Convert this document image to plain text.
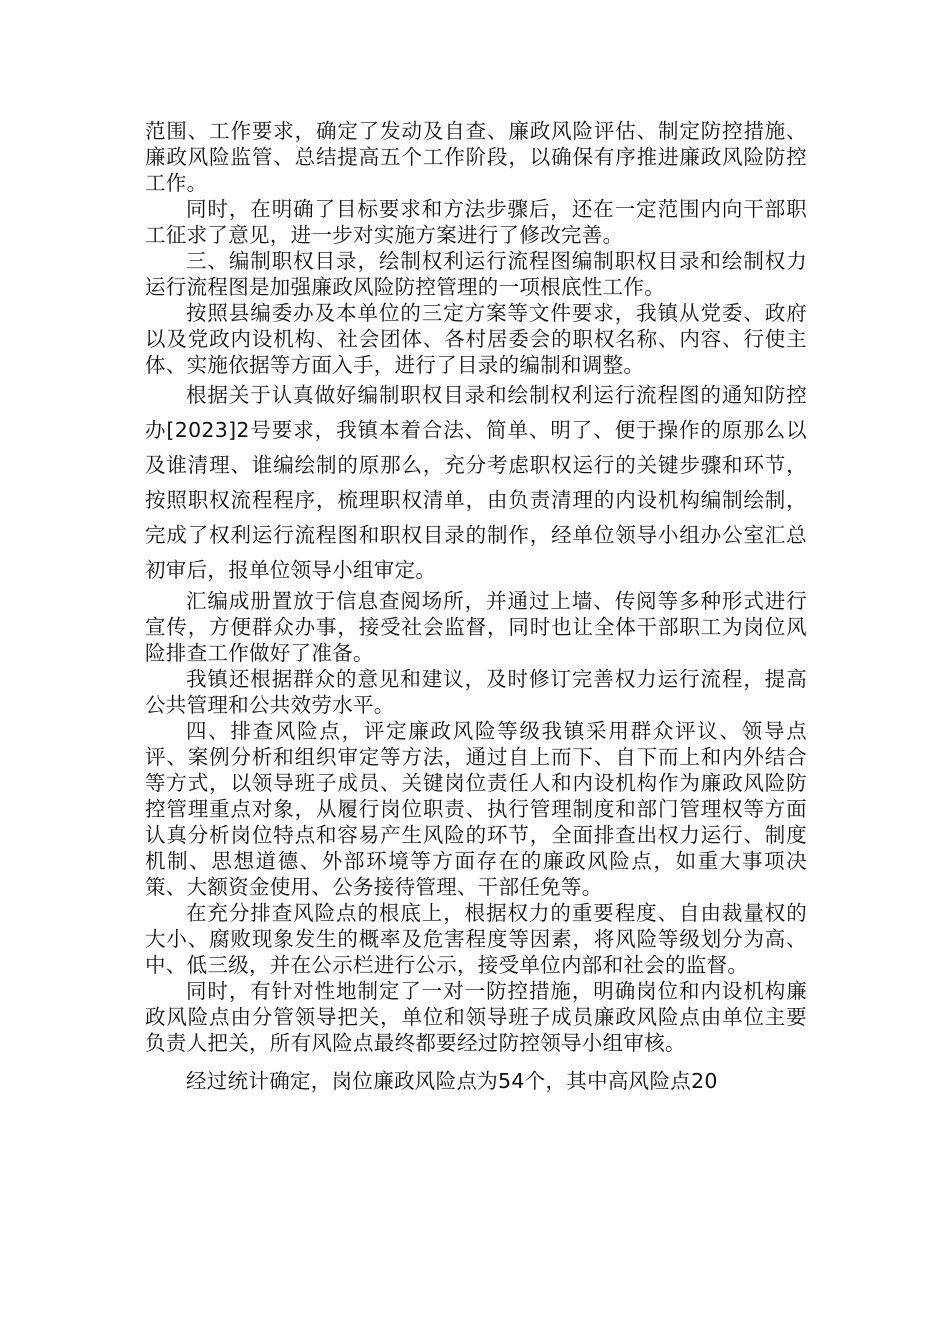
范围、工作要求，确定了发动及自查、廉政风险评估、制定防控措施、廉政风险监管、总结提高五个工作阶段，以确保有序推进廉政风险防控工作。

同时，在明确了目标要求和方法步骤后，还在一定范围内向干部职工征求了意见，进一步对实施方案进行了修改完善。

三、编制职权目录，绘制权利运行流程图编制职权目录和绘制权力运行流程图是加强廉政风险防控管理的一项根底性工作。

按照县编委办及本单位的三定方案等文件要求，我镇从党委、政府以及党政内设机构、社会团体、各村居委会的职权名称、内容、行使主体、实施依据等方面入手，进行了目录的编制和调整。

根据关于认真做好编制职权目录和绘制权利运行流程图的通知防控办[2023]2号要求，我镇本着合法、简单、明了、便于操作的原那么以及谁清理、谁编绘制的原那么，充分考虑职权运行的关键步骤和环节，按照职权流程程序，梳理职权清单，由负责清理的内设机构编制绘制，完成了权利运行流程图和职权目录的制作，经单位领导小组办公室汇总初审后，报单位领导小组审定。

汇编成册置放于信息查阅场所，并通过上墙、传阅等多种形式进行宣传，方便群众办事，接受社会监督，同时也让全体干部职工为岗位风险排查工作做好了准备。

我镇还根据群众的意见和建议，及时修订完善权力运行流程，提高公共管理和公共效劳水平。

四、排查风险点，评定廉政风险等级我镇采用群众评议、领导点评、案例分析和组织审定等方法，通过自上而下、自下而上和内外结合等方式，以领导班子成员、关键岗位责任人和内设机构作为廉政风险防控管理重点对象，从履行岗位职责、执行管理制度和部门管理权等方面认真分析岗位特点和容易产生风险的环节，全面排查出权力运行、制度机制、思想道德、外部环境等方面存在的廉政风险点，如重大事项决策、大额资金使用、公务接待管理、干部任免等。

在充分排查风险点的根底上，根据权力的重要程度、自由裁量权的大小、腐败现象发生的概率及危害程度等因素，将风险等级划分为高、中、低三级，并在公示栏进行公示，接受单位内部和社会的监督。

同时，有针对性地制定了一对一防控措施，明确岗位和内设机构廉政风险点由分管领导把关，单位和领导班子成员廉政风险点由单位主要负责人把关，所有风险点最终都要经过防控领导小组审核。

经过统计确定，岗位廉政风险点为54个，其中高风险点20
